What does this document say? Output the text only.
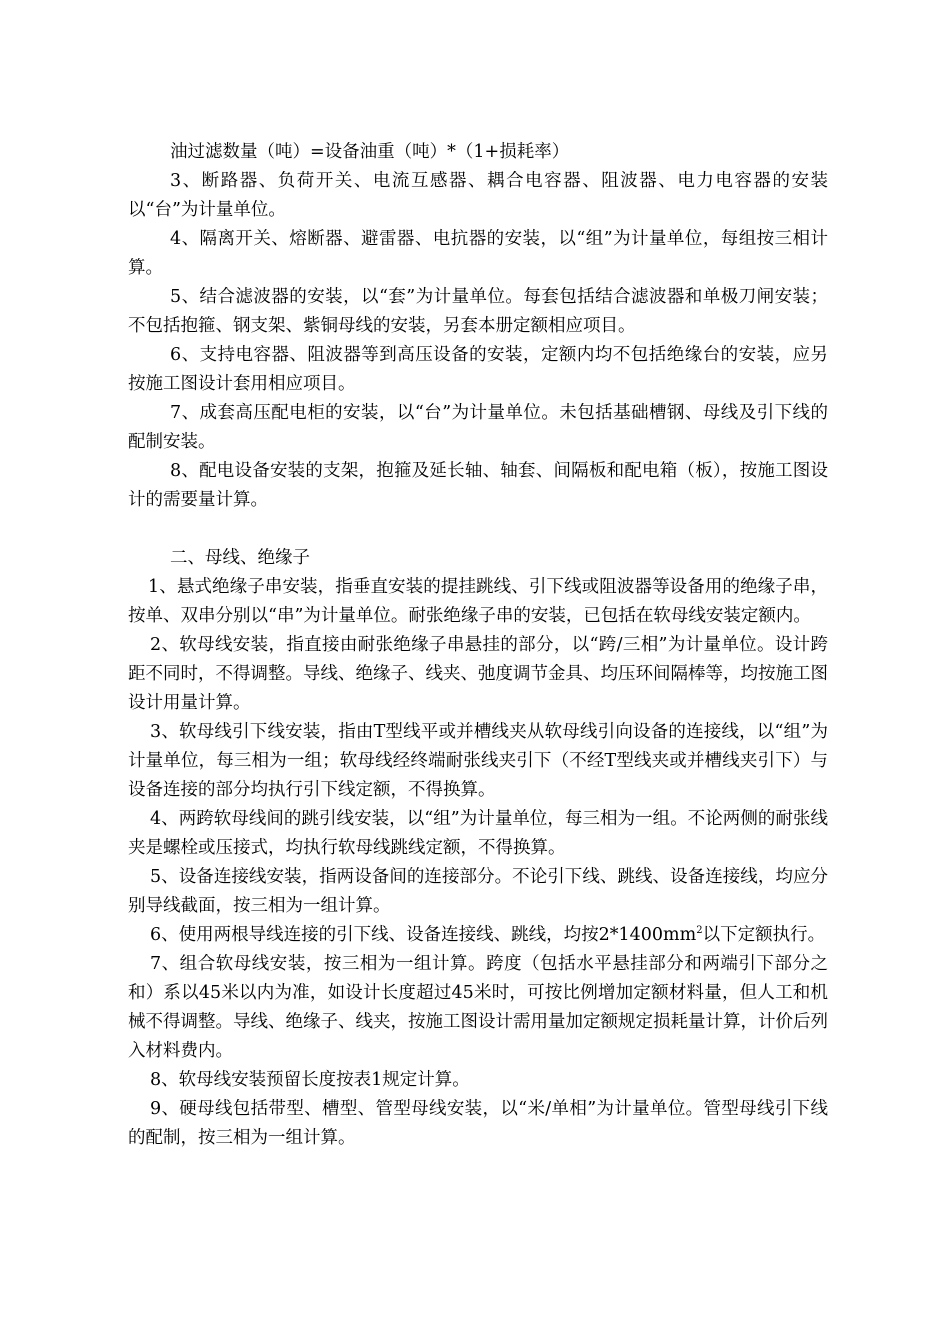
油过滤数量（吨）=设备油重（吨）*（1+损耗率）

3、断路器、负荷开关、电流互感器、耦合电容器、阻波器、电力电容器的安装以“台”为计量单位。

4、隔离开关、熔断器、避雷器、电抗器的安装，以“组”为计量单位，每组按三相计算。

5、结合滤波器的安装，以“套”为计量单位。每套包括结合滤波器和单极刀闸安装；不包括抱箍、钢支架、紫铜母线的安装，另套本册定额相应项目。

6、支持电容器、阻波器等到高压设备的安装，定额内均不包括绝缘台的安装，应另按施工图设计套用相应项目。

7、成套高压配电柜的安装，以“台”为计量单位。未包括基础槽钢、母线及引下线的配制安装。

8、配电设备安装的支架，抱箍及延长轴、轴套、间隔板和配电箱（板），按施工图设计的需要量计算。

二、母线、绝缘子

1、悬式绝缘子串安装，指垂直安装的提挂跳线、引下线或阻波器等设备用的绝缘子串，按单、双串分别以“串”为计量单位。耐张绝缘子串的安装，已包括在软母线安装定额内。

2、软母线安装，指直接由耐张绝缘子串悬挂的部分，以“跨/三相”为计量单位。设计跨距不同时，不得调整。导线、绝缘子、线夹、弛度调节金具、均压环间隔棒等，均按施工图设计用量计算。

3、软母线引下线安装，指由T型线平或并槽线夹从软母线引向设备的连接线，以“组”为计量单位，每三相为一组；软母线经终端耐张线夹引下（不经T型线夹或并槽线夹引下）与设备连接的部分均执行引下线定额，不得换算。

4、两跨软母线间的跳引线安装，以“组”为计量单位，每三相为一组。不论两侧的耐张线夹是螺栓或压接式，均执行软母线跳线定额，不得换算。

5、设备连接线安装，指两设备间的连接部分。不论引下线、跳线、设备连接线，均应分别导线截面，按三相为一组计算。

6、使用两根导线连接的引下线、设备连接线、跳线，均按$2*1400mm^2$以下定额执行。

7、组合软母线安装，按三相为一组计算。跨度（包括水平悬挂部分和两端引下部分之和）系以45米以内为准，如设计长度超过45米时，可按比例增加定额材料量，但人工和机械不得调整。导线、绝缘子、线夹，按施工图设计需用量加定额规定损耗量计算，计价后列入材料费内。

8、软母线安装预留长度按表1规定计算。

9、硬母线包括带型、槽型、管型母线安装，以“米/单相”为计量单位。管型母线引下线的配制，按三相为一组计算。
